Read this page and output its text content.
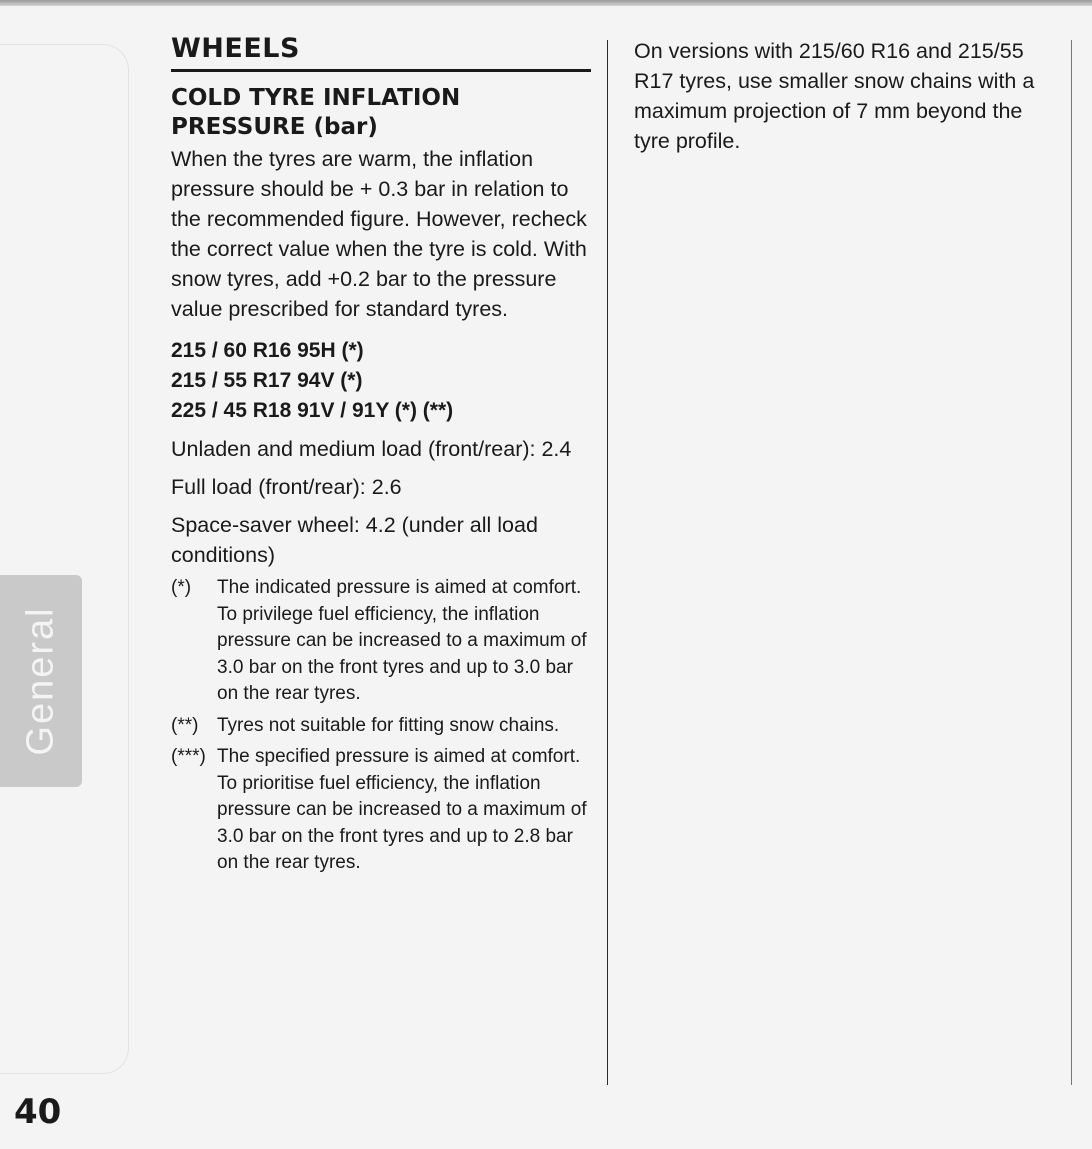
General
WHEELS
COLD TYRE INFLATION PRESSURE (bar)

When the tyres are warm, the inflation pressure should be + 0.3 bar in relation to the recommended figure. However, recheck the correct value when the tyre is cold. With snow tyres, add +0.2 bar to the pressure value prescribed for standard tyres.

215 / 60 R16 95H (*)

215 / 55 R17 94V (*)

225 / 45 R18 91V / 91Y (*) (**)

Unladen and medium load (front/rear): 2.4

Full load (front/rear): 2.6

Space-saver wheel: 4.2 (under all load conditions)

(*)	The indicated pressure is aimed at comfort. To privilege fuel efficiency, the inflation pressure can be increased to a maximum of 3.0 bar on the front tyres and up to 3.0 bar on the rear tyres.
(**) Tyres not suitable for fitting snow chains.
(***) The specified pressure is aimed at comfort. To prioritise fuel efficiency, the inflation pressure can be increased to a maximum of 3.0 bar on the front tyres and up to 2.8 bar on the rear tyres.

On versions with 215/60 R16 and 215/55 R17 tyres, use smaller snow chains with a maximum projection of 7 mm beyond the tyre profile.

40
